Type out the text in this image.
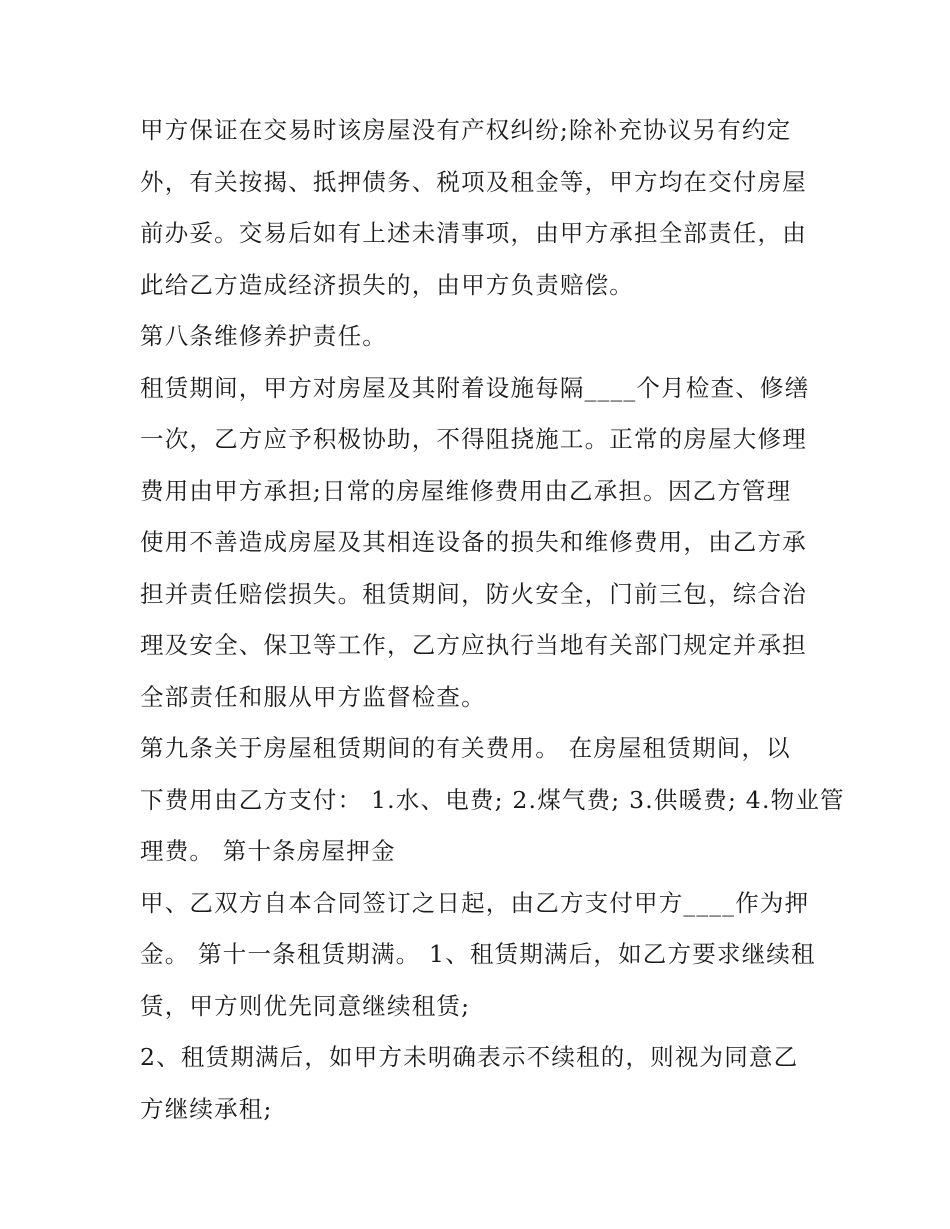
甲方保证在交易时该房屋没有产权纠纷;除补充协议另有约定
外，有关按揭、抵押债务、税项及租金等，甲方均在交付房屋
前办妥。交易后如有上述未清事项，由甲方承担全部责任，由
此给乙方造成经济损失的，由甲方负责赔偿。
第八条维修养护责任。
租赁期间，甲方对房屋及其附着设施每隔____个月检查、修缮
一次，乙方应予积极协助，不得阻挠施工。正常的房屋大修理
费用由甲方承担;日常的房屋维修费用由乙承担。因乙方管理
使用不善造成房屋及其相连设备的损失和维修费用，由乙方承
担并责任赔偿损失。租赁期间，防火安全，门前三包，综合治
理及安全、保卫等工作，乙方应执行当地有关部门规定并承担
全部责任和服从甲方监督检查。
第九条关于房屋租赁期间的有关费用。 在房屋租赁期间，以
下费用由乙方支付： 1.水、电费; 2.煤气费; 3.供暖费; 4.物业管
理费。 第十条房屋押金
甲、乙双方自本合同签订之日起，由乙方支付甲方____作为押
金。 第十一条租赁期满。 1、租赁期满后，如乙方要求继续租
赁，甲方则优先同意继续租赁;
2、租赁期满后，如甲方未明确表示不续租的，则视为同意乙
方继续承租;
